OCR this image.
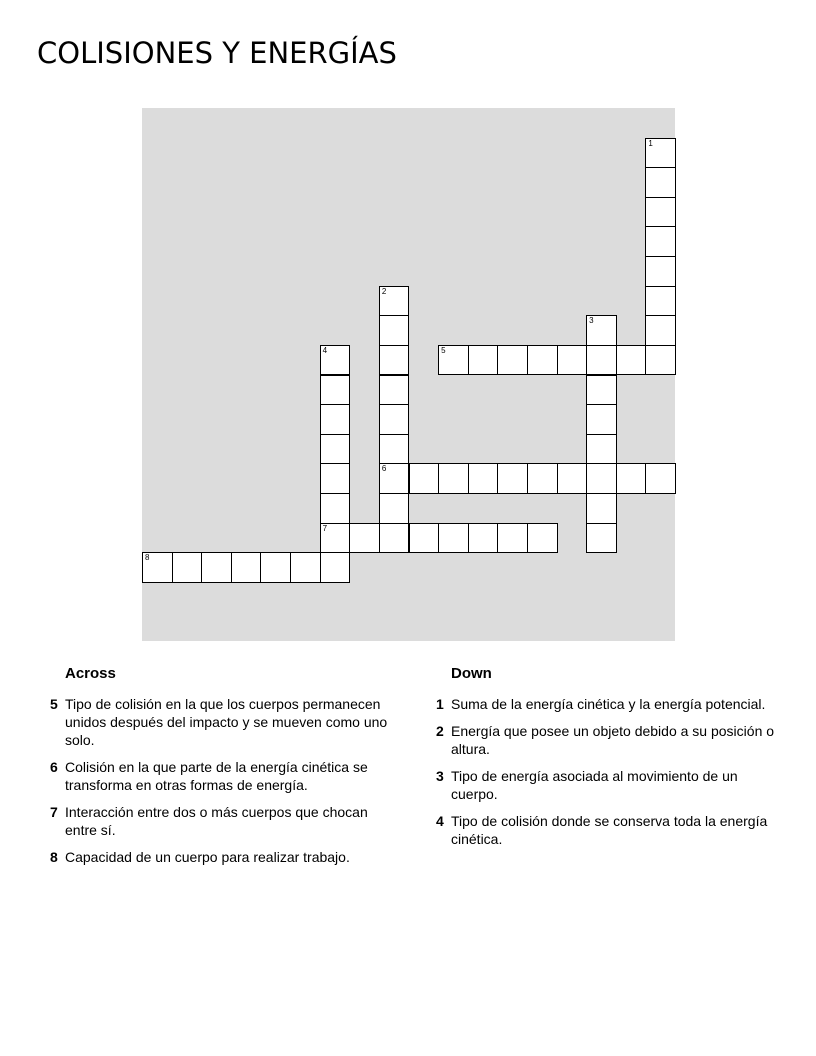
COLISIONES Y ENERGÍAS
1
2
6
3
4
7
5
8
Across
5 Tipo de colisión en la que los cuerpos permanecen unidos después del impacto y se mueven como uno solo.
6 Colisión en la que parte de la energía cinética se transforma en otras formas de energía.
7 Interacción entre dos o más cuerpos que chocan entre sí.
8 Capacidad de un cuerpo para realizar trabajo.
Down
1 Suma de la energía cinética y la energía potencial.
2 Energía que posee un objeto debido a su posición o altura.
3 Tipo de energía asociada al movimiento de un cuerpo.
4 Tipo de colisión donde se conserva toda la energía cinética.
